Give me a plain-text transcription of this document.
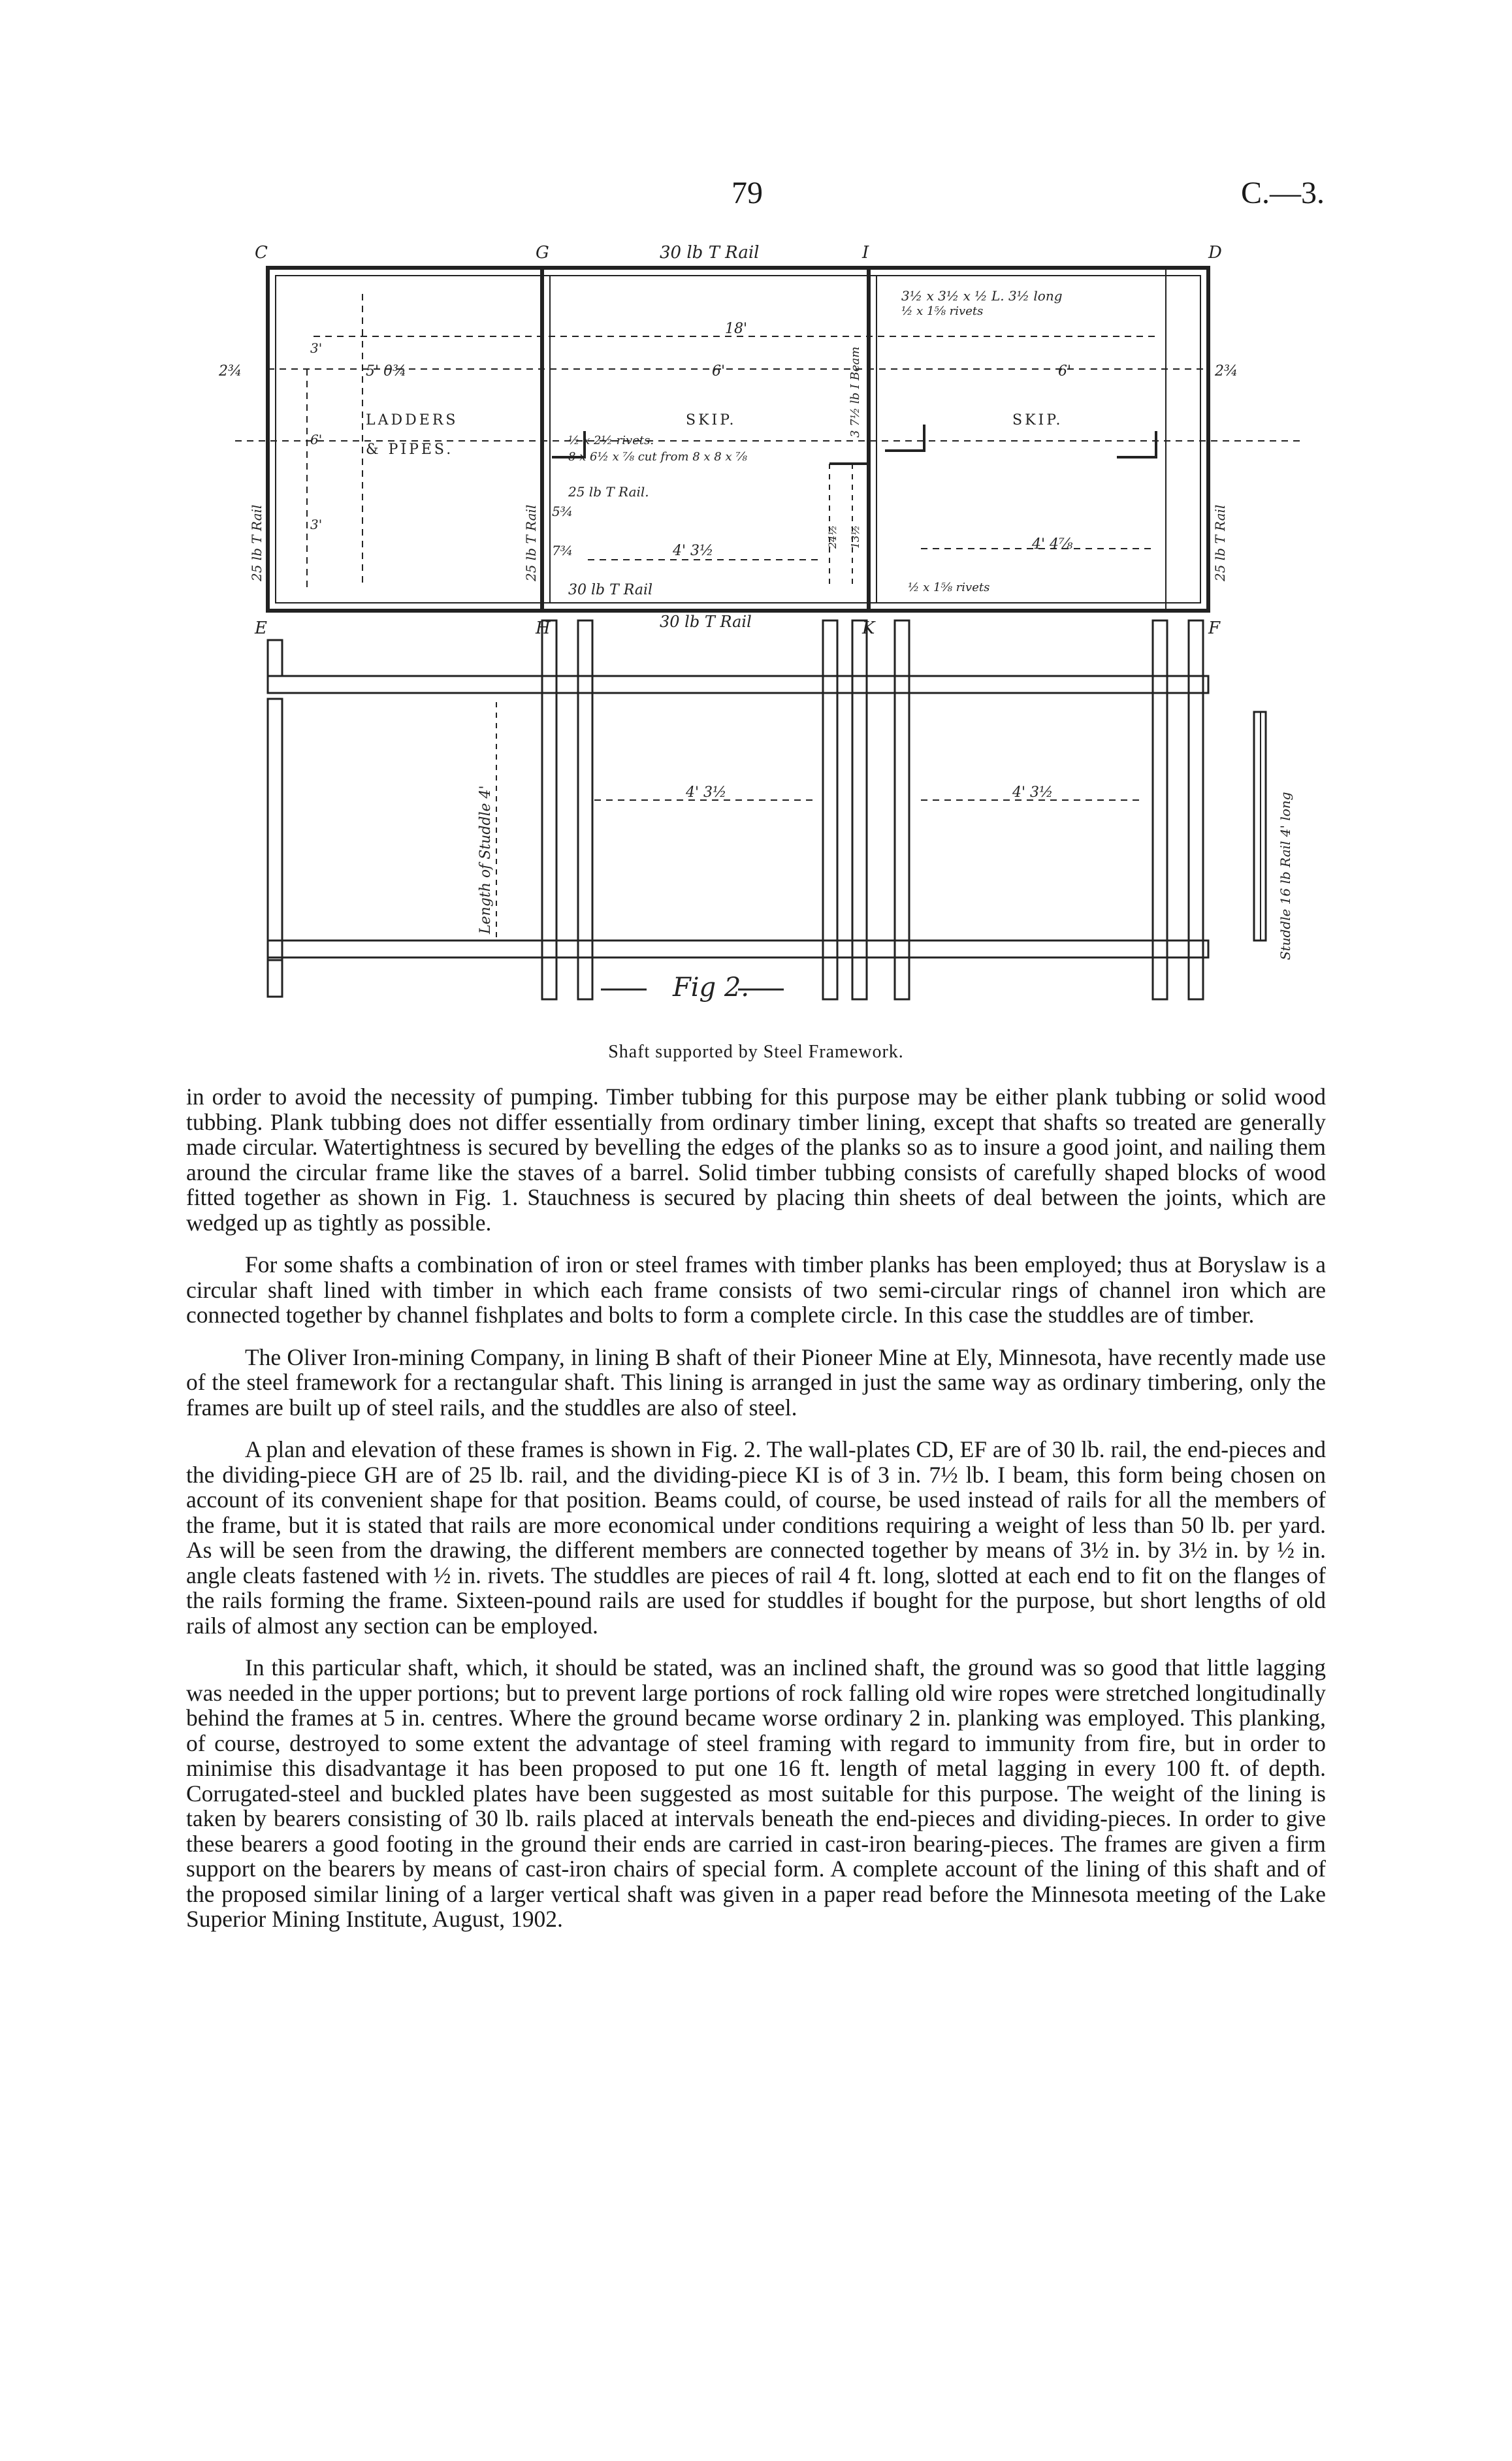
79	C.—3.
C	G	30 lb T Rail	I	D
3½ x 3½ x ½ L. 3½ long
½ x 1⅝ rivets
18'
2¾	5' 0¾	6'	6'	2¾
3'
6'
3'
LADDERS
& PIPES.
SKIP.	SKIP.
½ x 2½ rivets.
8 x 6½ x ⅞ cut from 8 x 8 x ⅞
25 lb T Rail.
5¾
7¾	4' 3½	4' 4⅞
30 lb T Rail	½ x 1⅝ rivets
E	H	30 lb T Rail	K	F
25 lb T Rail	25 lb T Rail	25 lb T Rail
3 7½ lb I Beam
24½ 13½
Length of Studdle 4'	4' 3½	4' 3½	Studdle 16 lb Rail 4' long
Fig 2.
Shaft supported by Steel Framework.

in order to avoid the necessity of pumping. Timber tubbing for this purpose may be either plank tubbing or solid wood tubbing. Plank tubbing does not differ essentially from ordinary timber lining, except that shafts so treated are generally made circular. Watertightness is secured by bevelling the edges of the planks so as to insure a good joint, and nailing them around the circular frame like the staves of a barrel. Solid timber tubbing consists of carefully shaped blocks of wood fitted together as shown in Fig. 1. Stauchness is secured by placing thin sheets of deal between the joints, which are wedged up as tightly as possible.

For some shafts a combination of iron or steel frames with timber planks has been employed; thus at Boryslaw is a circular shaft lined with timber in which each frame consists of two semi-circular rings of channel iron which are connected together by channel fishplates and bolts to form a complete circle. In this case the studdles are of timber.

The Oliver Iron-mining Company, in lining B shaft of their Pioneer Mine at Ely, Minnesota, have recently made use of the steel framework for a rectangular shaft. This lining is arranged in just the same way as ordinary timbering, only the frames are built up of steel rails, and the studdles are also of steel.

A plan and elevation of these frames is shown in Fig. 2. The wall-plates CD, EF are of 30 lb. rail, the end-pieces and the dividing-piece GH are of 25 lb. rail, and the dividing-piece KI is of 3 in. 7½ lb. I beam, this form being chosen on account of its convenient shape for that position. Beams could, of course, be used instead of rails for all the members of the frame, but it is stated that rails are more economical under conditions requiring a weight of less than 50 lb. per yard. As will be seen from the drawing, the different members are connected together by means of 3½ in. by 3½ in. by ½ in. angle cleats fastened with ½ in. rivets. The studdles are pieces of rail 4 ft. long, slotted at each end to fit on the flanges of the rails forming the frame. Sixteen-pound rails are used for studdles if bought for the purpose, but short lengths of old rails of almost any section can be employed.

In this particular shaft, which, it should be stated, was an inclined shaft, the ground was so good that little lagging was needed in the upper portions; but to prevent large portions of rock falling old wire ropes were stretched longitudinally behind the frames at 5 in. centres. Where the ground became worse ordinary 2 in. planking was employed. This planking, of course, destroyed to some extent the advantage of steel framing with regard to immunity from fire, but in order to minimise this disadvantage it has been proposed to put one 16 ft. length of metal lagging in every 100 ft. of depth. Corrugated-steel and buckled plates have been suggested as most suitable for this purpose. The weight of the lining is taken by bearers consisting of 30 lb. rails placed at intervals beneath the end-pieces and dividing-pieces. In order to give these bearers a good footing in the ground their ends are carried in cast-iron bearing-pieces. The frames are given a firm support on the bearers by means of cast-iron chairs of special form. A complete account of the lining of this shaft and of the proposed similar lining of a larger vertical shaft was given in a paper read before the Minnesota meeting of the Lake Superior Mining Institute, August, 1902.
